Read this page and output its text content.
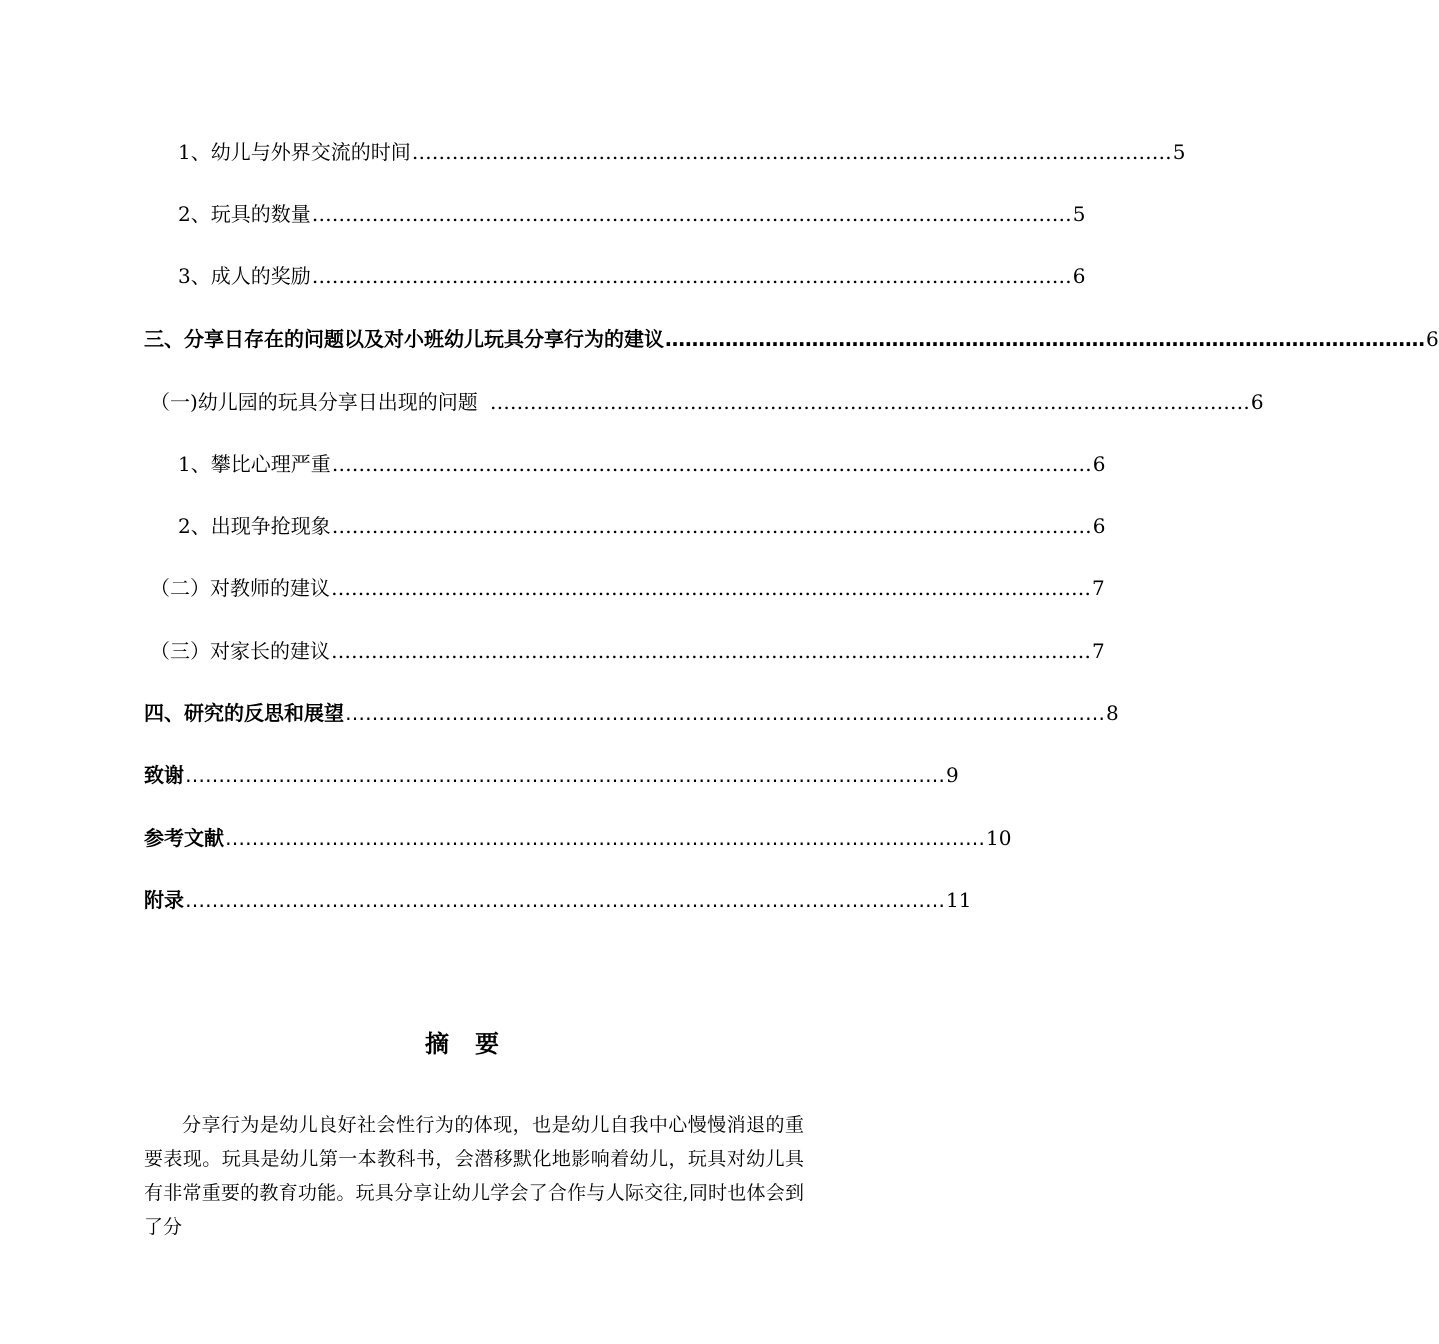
1、幼儿与外界交流的时间 …………………………………………………………………………………………………… 5
2、玩具的数量 …………………………………………………………………………………………………… 5
3、成人的奖励 …………………………………………………………………………………………………… 6
三、分享日存在的问题以及对小班幼儿玩具分享行为的建议 …………………………………………………………………………………………………… 6
（一)幼儿园的玩具分享日出现的问题 …………………………………………………………………………………………………… 6
1、攀比心理严重 …………………………………………………………………………………………………… 6
2、出现争抢现象 …………………………………………………………………………………………………… 6
（二）对教师的建议 …………………………………………………………………………………………………… 7
（三）对家长的建议 …………………………………………………………………………………………………… 7
四、研究的反思和展望 …………………………………………………………………………………………………… 8
致谢 …………………………………………………………………………………………………… 9
参考文献 …………………………………………………………………………………………………… 10
附录 …………………………………………………………………………………………………… 11
摘要
分享行为是幼儿良好社会性行为的体现，也是幼儿自我中心慢慢消退的重要表现。玩具是幼儿第一本教科书，会潜移默化地影响着幼儿，玩具对幼儿具有非常重要的教育功能。玩具分享让幼儿学会了合作与人际交往,同时也体会到了分
